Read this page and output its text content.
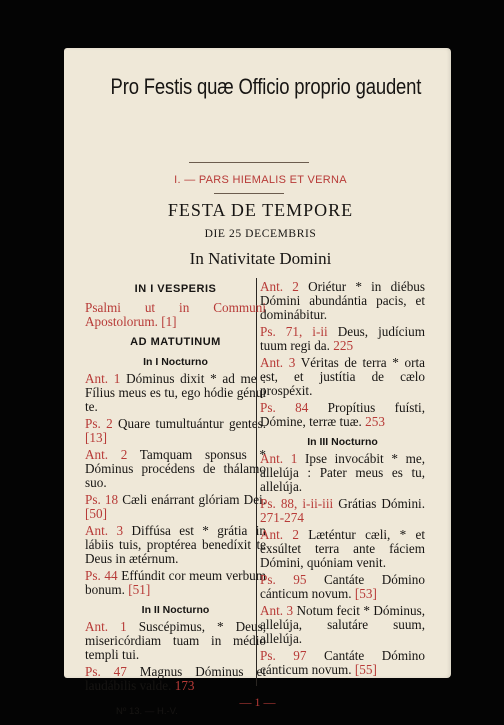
Pro Festis quæ Officio proprio gaudent
I. — PARS HIEMALIS ET VERNA
FESTA DE TEMPORE
DIE 25 DECEMBRIS
In Nativitate Domini
IN I VESPERIS

Psalmi ut in Communi Apostolorum. [1]

AD MATUTINUM
In I Nocturno

Ant. 1 Dóminus dixit * ad me : Fílius meus es tu, ego hódie génui te.

Ps. 2 Quare tumultuántur gentes. [13]

Ant. 2 Tamquam sponsus * Dóminus procédens de thálamo suo.

Ps. 18 Cæli enárrant glóriam Dei. [50]

Ant. 3 Diffúsa est * grátia in lábiis tuis, proptérea benedíxit te Deus in ætérnum.

Ps. 44 Effúndit cor meum verbum bonum. [51]

In II Nocturno

Ant. 1 Suscépimus, * Deus, misericórdiam tuam in médio templi tui.

Ps. 47 Magnus Dóminus et laudábilis valde. 173

Ant. 2 Oriétur * in diébus Dómini abundántia pacis, et dominábitur.

Ps. 71, i-ii Deus, judícium tuum regi da. 225

Ant. 3 Véritas de terra * orta est, et justítia de cælo prospéxit.

Ps. 84 Propítius fuísti, Dómine, terræ tuæ. 253

In III Nocturno

Ant. 1 Ipse invocábit * me, allelúja : Pater meus es tu, allelúja.

Ps. 88, i-ii-iii Grátias Dómini. 271-274

Ant. 2 Læténtur cæli, * et exsúltet terra ante fáciem Dómini, quóniam venit.

Ps. 95 Cantáte Dómino cánticum novum. [53]

Ant. 3 Notum fecit * Dóminus, allelúja, salutáre suum, allelúja.

Ps. 97 Cantáte Dómino cánticum novum. [55]

— 1 —
Nº 13. — H.-V.
